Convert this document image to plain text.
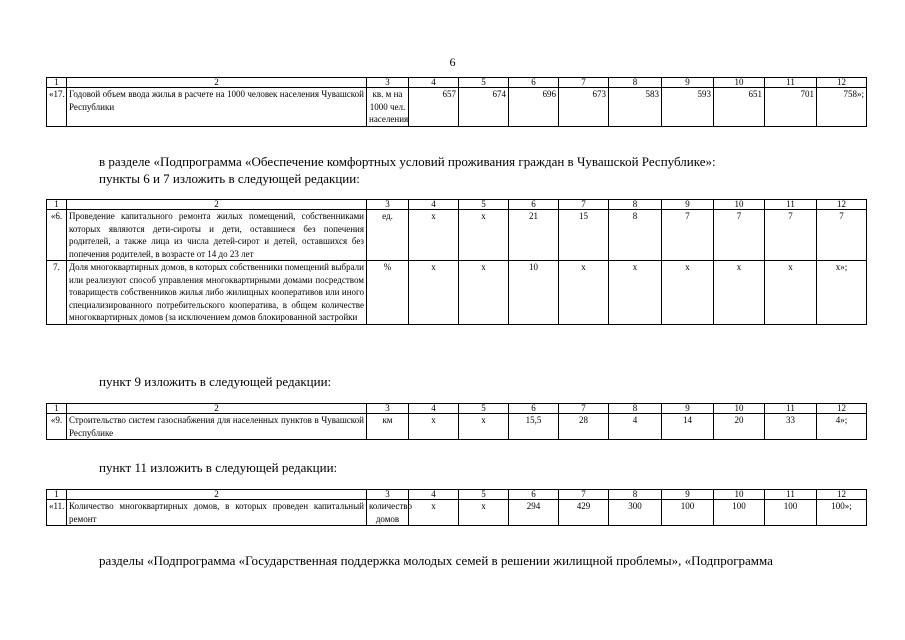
6
1	2	3	4	5	6	7	8	9	10	11	12
«17.	Годовой объем ввода жилья в расчете на 1000 человек населения Чувашской Республики	кв. м на 1000 чел. населения	657	674	696	673	583	593	651	701	758»;
в разделе «Подпрограмма «Обеспечение комфортных условий проживания граждан в Чувашской Республике»:
пункты 6 и 7 изложить в следующей редакции:
1	2	3	4	5	6	7	8	9	10	11	12
«6.	Проведение капитального ремонта жилых помещений, собственниками которых являются дети-сироты и дети, оставшиеся без попечения родителей, а также лица из числа детей-сирот и детей, оставшихся без попечения родителей, в возрасте от 14 до 23 лет	ед.	х	х	21	15	8	7	7	7	7
7.	Доля многоквартирных домов, в которых собственники помещений выбрали или реализуют способ управления многоквартирными домами посредством товариществ собственников жилья либо жилищных кооперативов или иного специализированного потребительского кооператива, в общем количестве многоквартирных домов (за исключением домов блокированной застройки	%	х	х	10	х	х	х	х	х	х»;
пункт 9 изложить в следующей редакции:
1	2	3	4	5	6	7	8	9	10	11	12
«9.	Строительство систем газоснабжения для населенных пунктов в Чувашской Республике	км	х	х	15,5	28	4	14	20	33	4»;
пункт 11 изложить в следующей редакции:
1	2	3	4	5	6	7	8	9	10	11	12
«11.	Количество многоквартирных домов, в которых проведен капитальный ремонт	количество домов	х	х	294	429	300	100	100	100	100»;
разделы «Подпрограмма «Государственная поддержка молодых семей в решении жилищной проблемы», «Подпрограмма
